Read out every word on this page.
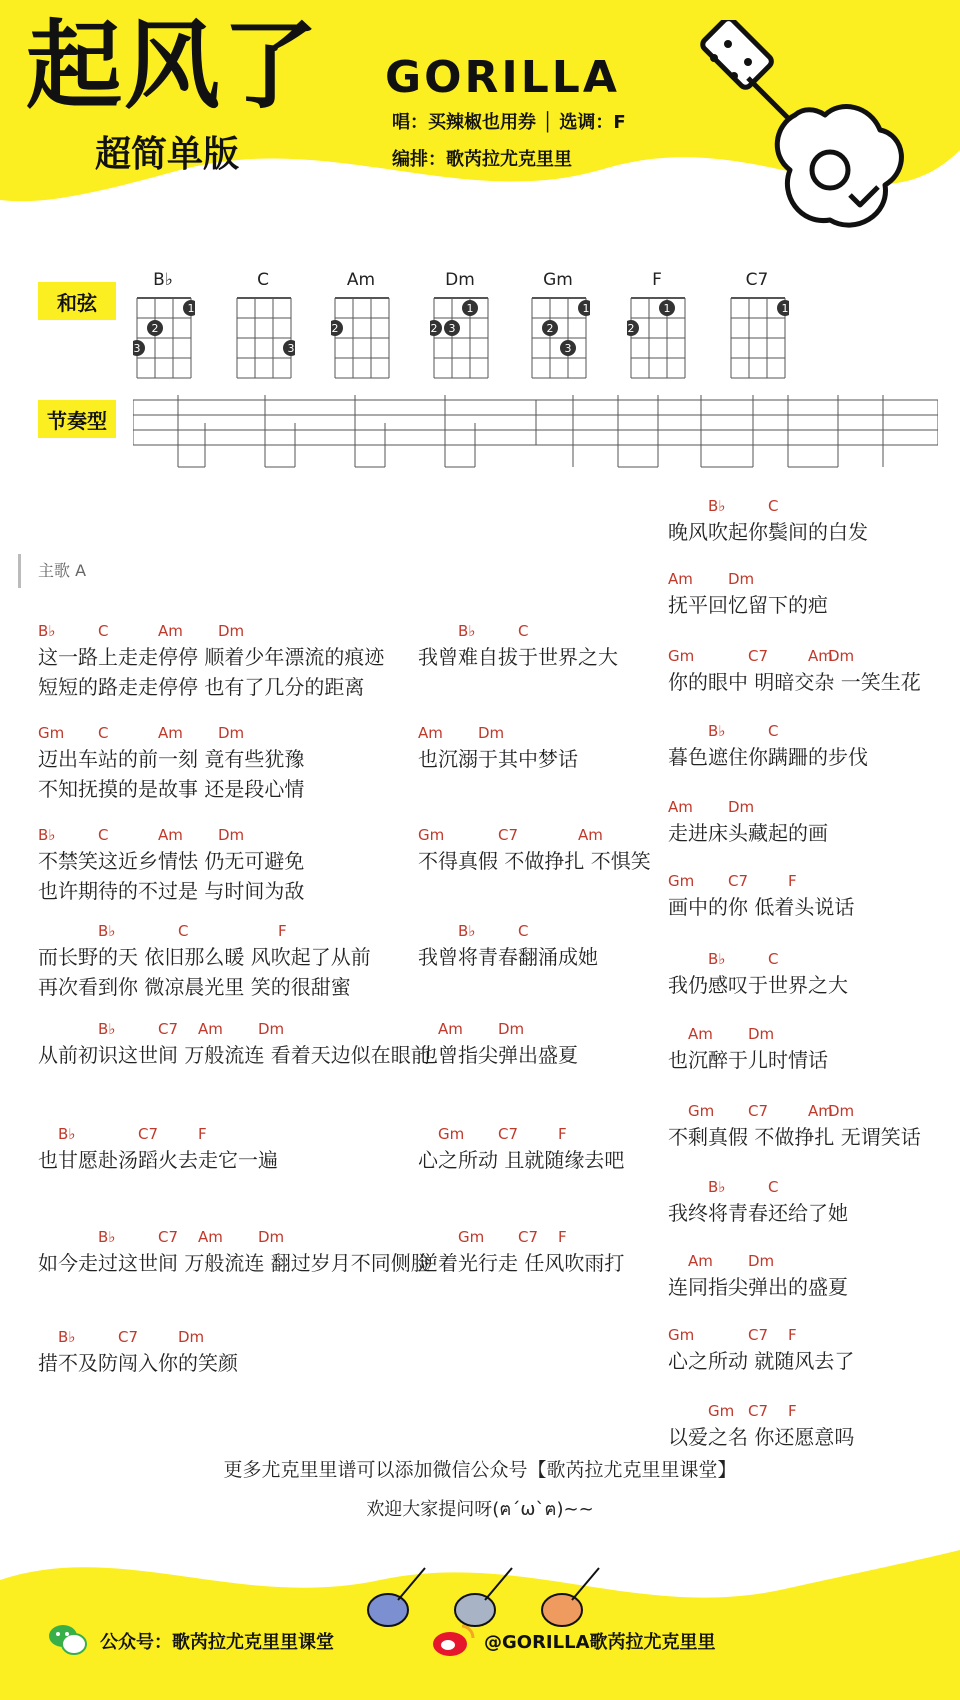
起风了
超简单版
GORILLA
唱：买辣椒也用券 │ 选调：F
编排：歌芮拉尤克里里
和弦
B♭
1
2
3
C
3
Am
2
Dm
1
2 3
Gm
1
2
3
F
2
1
C7
1
节奏型
主歌 A
B♭	C	Am Dm
这一路上走走停停 顺着少年漂流的痕迹
短短的路走走停停 也有了几分的距离
Gm C	Am Dm
迈出车站的前一刻 竟有些犹豫
不知抚摸的是故事 还是段心情
B♭	C	Am Dm
不禁笑这近乡情怯 仍无可避免
也许期待的不过是 与时间为敌
B♭	C	F
而长野的天 依旧那么暖 风吹起了从前
再次看到你 微凉晨光里 笑的很甜蜜
B♭	C7 Am Dm
从前初识这世间 万般流连 看着天边似在眼前
B♭	C7	F
也甘愿赴汤蹈火去走它一遍
B♭	C7 Am Dm
如今走过这世间 万般流连 翻过岁月不同侧脸
B♭	C7	Dm
措不及防闯入你的笑颜
B♭	C
我曾难自拔于世界之大
Am Dm
也沉溺于其中梦话
Gm	C7	Am
不得真假 不做挣扎 不惧笑
B♭	C
我曾将青春翻涌成她
Am Dm
也曾指尖弹出盛夏
Gm C7	F
心之所动 且就随缘去吧
Gm C7 F
逆着光行走 任风吹雨打
B♭	C
晚风吹起你鬓间的白发
Am Dm
抚平回忆留下的疤
Gm	C7	Am
Dm
你的眼中 明暗交杂 一笑生花
B♭	C
暮色遮住你蹒跚的步伐
Am Dm
走进床头藏起的画
Gm C7	F
画中的你 低着头说话
B♭	C
我仍感叹于世界之大
Am Dm
也沉醉于儿时情话
Gm C7	Am
Dm
不剩真假 不做挣扎 无谓笑话
B♭	C
我终将青春还给了她
Am Dm
连同指尖弹出的盛夏
Gm	C7 F
心之所动 就随风去了
Gm C7 F
以爱之名 你还愿意吗
更多尤克里里谱可以添加微信公众号【歌芮拉尤克里里课堂】
欢迎大家提问呀(ฅ´ω`ฅ)~~
公众号：歌芮拉尤克里里课堂	@GORILLA歌芮拉尤克里里
